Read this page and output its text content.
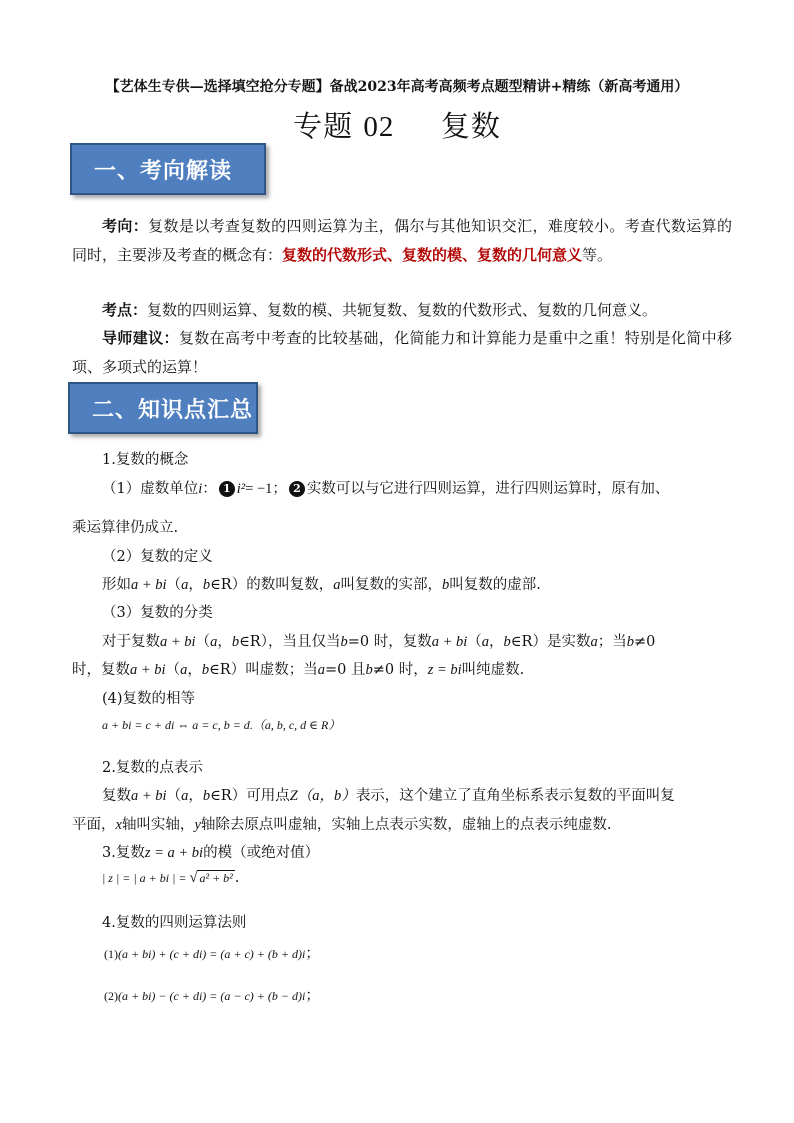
【艺体生专供—选择填空抢分专题】备战2023年高考高频考点题型精讲+精练（新高考通用）
专题 02 复数
一、考向解读
考向：复数是以考查复数的四则运算为主，偶尔与其他知识交汇，难度较小。考查代数运算的同时，主要涉及考查的概念有：复数的代数形式、复数的模、复数的几何意义等。
考点：复数的四则运算、复数的模、共轭复数、复数的代数形式、复数的几何意义。
导师建议：复数在高考中考查的比较基础，化简能力和计算能力是重中之重！特别是化简中移项、多项式的运算！
二、知识点汇总
1.复数的概念
（1）虚数单位i： 1 i²= −1； 2 实数可以与它进行四则运算，进行四则运算时，原有加、
乘运算律仍成立.
（2）复数的定义
形如a + bi（a，b∈R）的数叫复数，a叫复数的实部，b叫复数的虚部.
（3）复数的分类
对于复数a + bi（a，b∈R），当且仅当b=0 时，复数a + bi（a，b∈R）是实数a；当b≠0
时，复数a + bi（a，b∈R）叫虚数；当a=0 且b≠0 时，z = bi叫纯虚数.
(4)复数的相等
a + bi = c + di ⇔ a = c, b = d.（a, b, c, d ∈ R）
2.复数的点表示
复数a + bi（a，b∈R）可用点Z（a，b）表示，这个建立了直角坐标系表示复数的平面叫复
平面，x轴叫实轴，y轴除去原点叫虚轴，实轴上点表示实数，虚轴上的点表示纯虚数.
3.复数z = a + bi的模（或绝对值）
| z | = | a + bi | = √ a² + b² .
4.复数的四则运算法则
(1)(a + bi) + (c + di) = (a + c) + (b + d)i；
(2)(a + bi) − (c + di) = (a − c) + (b − d)i；
